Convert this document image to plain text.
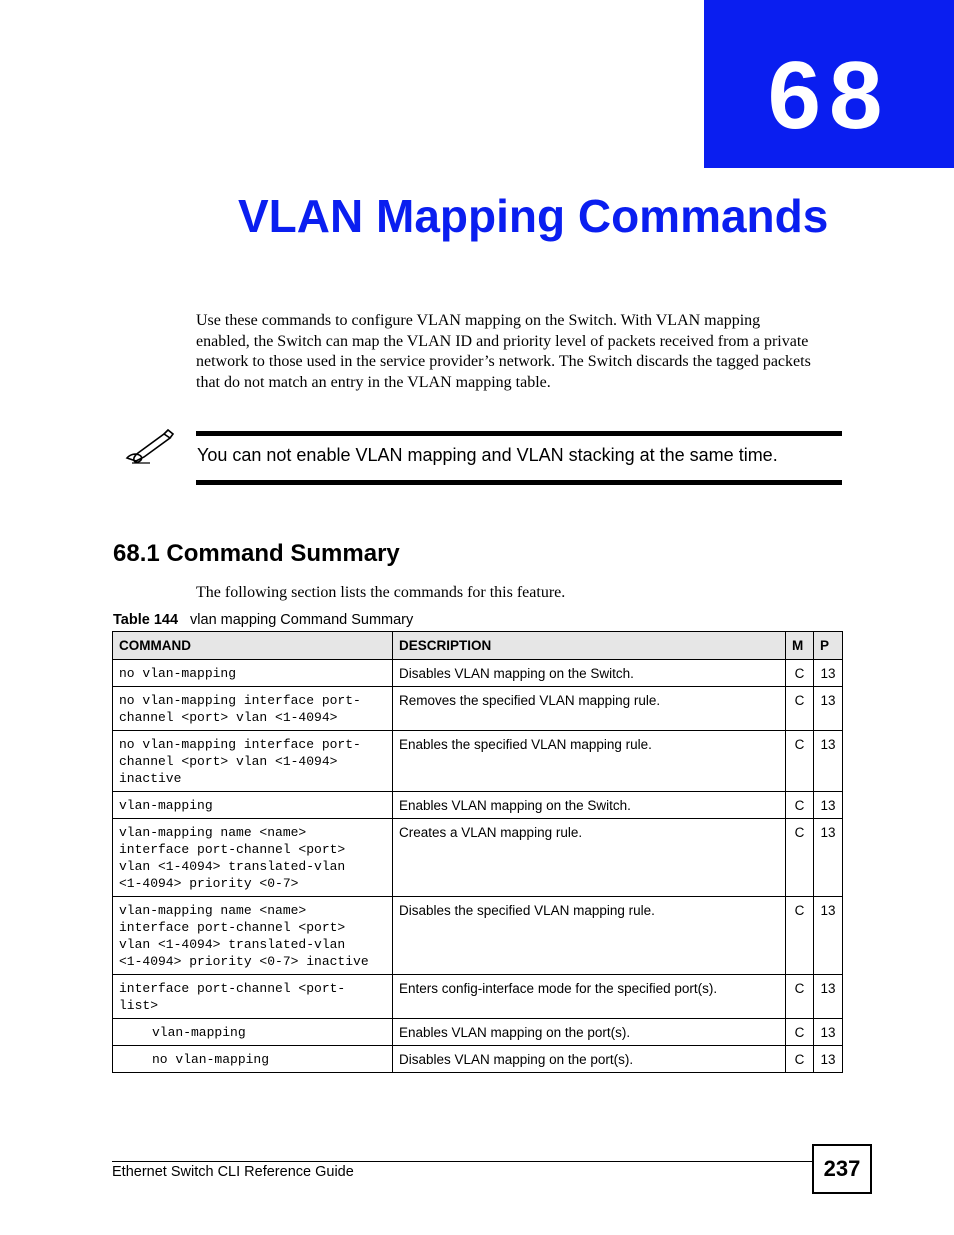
68
VLAN Mapping Commands

Use these commands to configure VLAN mapping on the Switch. With VLAN mapping enabled, the Switch can map the VLAN ID and priority level of packets received from a private network to those used in the service provider’s network. The Switch discards the tagged packets that do not match an entry in the VLAN mapping table.

You can not enable VLAN mapping and VLAN stacking at the same time.

68.1 Command Summary

The following section lists the commands for this feature.

Table 144 vlan mapping Command Summary

COMMAND	DESCRIPTION	M	P
no vlan-mapping	Disables VLAN mapping on the Switch.	C	13
no vlan-mapping interface port-
channel <port> vlan <1-4094>	Removes the specified VLAN mapping rule.	C	13
no vlan-mapping interface port-
channel <port> vlan <1-4094>
inactive	Enables the specified VLAN mapping rule.	C	13
vlan-mapping	Enables VLAN mapping on the Switch.	C	13
vlan-mapping name <name>
interface port-channel <port>
vlan <1-4094> translated-vlan
<1-4094> priority <0-7>	Creates a VLAN mapping rule.	C	13
vlan-mapping name <name>
interface port-channel <port>
vlan <1-4094> translated-vlan
<1-4094> priority <0-7> inactive	Disables the specified VLAN mapping rule.	C	13
interface port-channel <port-
list>	Enters config-interface mode for the specified port(s).	C	13
vlan-mapping	Enables VLAN mapping on the port(s).	C	13
no vlan-mapping	Disables VLAN mapping on the port(s).	C	13

Ethernet Switch CLI Reference Guide	237
